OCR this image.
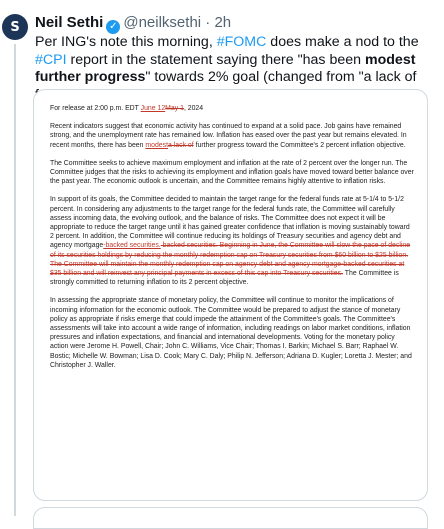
S Neil Sethi ✓ @neilksethi · 2h
Per ING's note this morning, #FOMC does make a nod to the #CPI report in the statement saying there "has been modest further progress" towards 2% goal (changed from "a lack of
For release at 2:00 p.m. EDT June 12May 1, 2024

Recent indicators suggest that economic activity has continued to expand at a solid pace. Job gains have remained strong, and the unemployment rate has remained low. Inflation has eased over the past year but remains elevated. In recent months, there has been modesta lack of further progress toward the Committee's 2 percent inflation objective.

The Committee seeks to achieve maximum employment and inflation at the rate of 2 percent over the longer run. The Committee judges that the risks to achieving its employment and inflation goals have moved toward better balance over the past year. The economic outlook is uncertain, and the Committee remains highly attentive to inflation risks.

In support of its goals, the Committee decided to maintain the target range for the federal funds rate at 5-1/4 to 5-1/2 percent. In considering any adjustments to the target range for the federal funds rate, the Committee will carefully assess incoming data, the evolving outlook, and the balance of risks. The Committee does not expect it will be appropriate to reduce the target range until it has gained greater confidence that inflation is moving sustainably toward 2 percent. In addition, the Committee will continue reducing its holdings of Treasury securities and agency debt and agency mortgage-backed securities. backed securities. Beginning in June, the Committee will slow the pace of decline of its securities holdings by reducing the monthly redemption cap on Treasury securities from $60 billion to $25 billion. The Committee will maintain the monthly redemption cap on agency debt and agency mortgage-backed securities at $35 billion and will reinvest any principal payments in excess of this cap into Treasury securities. The Committee is strongly committed to returning inflation to its 2 percent objective.

In assessing the appropriate stance of monetary policy, the Committee will continue to monitor the implications of incoming information for the economic outlook. The Committee would be prepared to adjust the stance of monetary policy as appropriate if risks emerge that could impede the attainment of the Committee's goals. The Committee's assessments will take into account a wide range of information, including readings on labor market conditions, inflation pressures and inflation expectations, and financial and international developments. Voting for the monetary policy action were Jerome H. Powell, Chair; John C. Williams, Vice Chair; Thomas I. Barkin; Michael S. Barr; Raphael W. Bostic; Michelle W. Bowman; Lisa D. Cook; Mary C. Daly; Philip N. Jefferson; Adriana D. Kugler; Loretta J. Mester; and Christopher J. Waller.
